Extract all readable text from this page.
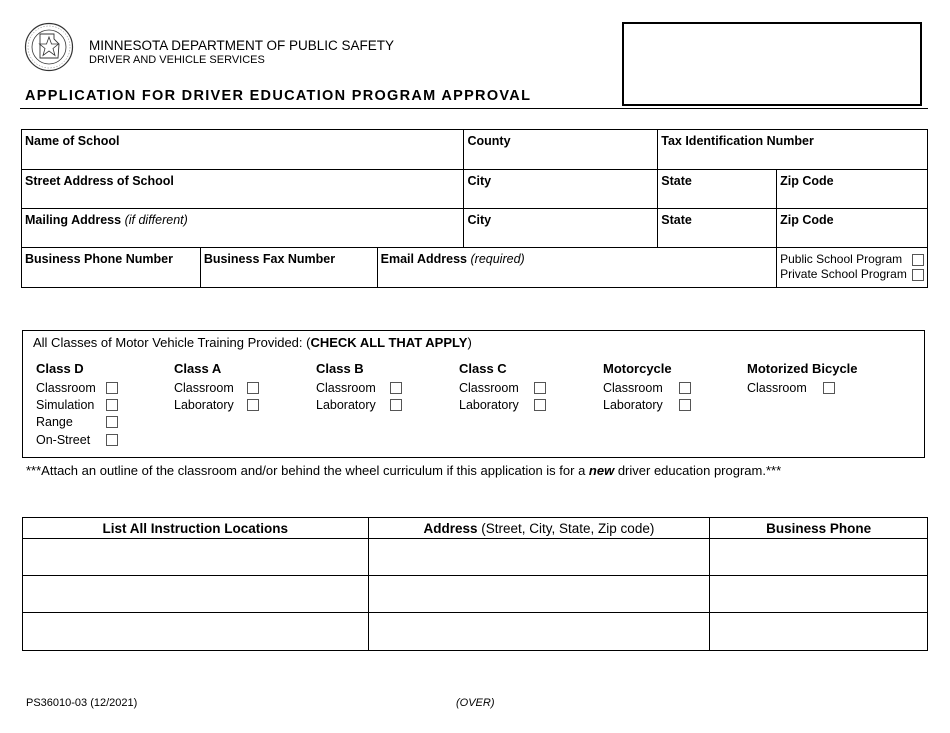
MINNESOTA DEPARTMENT OF PUBLIC SAFETY
DRIVER AND VEHICLE SERVICES
APPLICATION FOR DRIVER EDUCATION PROGRAM APPROVAL
Name of School			County	Tax Identification Number	
Street Address of School			City	State	Zip Code
Mailing Address (if different)			City	State	Zip Code
Business Phone Number	Business Fax Number	Email Address (required)			Public School Program
Private School Program
All Classes of Motor Vehicle Training Provided: (CHECK ALL THAT APPLY)
Class D
Classroom
Simulation
Range
On-Street
Class A
Classroom
Laboratory
Class B
Classroom
Laboratory
Class C
Classroom
Laboratory
Motorcycle
Classroom
Laboratory
Motorized Bicycle
Classroom
***Attach an outline of the classroom and/or behind the wheel curriculum if this application is for a new driver education program.***
List All Instruction Locations	Address (Street, City, State, Zip code)	Business Phone

PS36010-03 (12/2021)	(OVER)
